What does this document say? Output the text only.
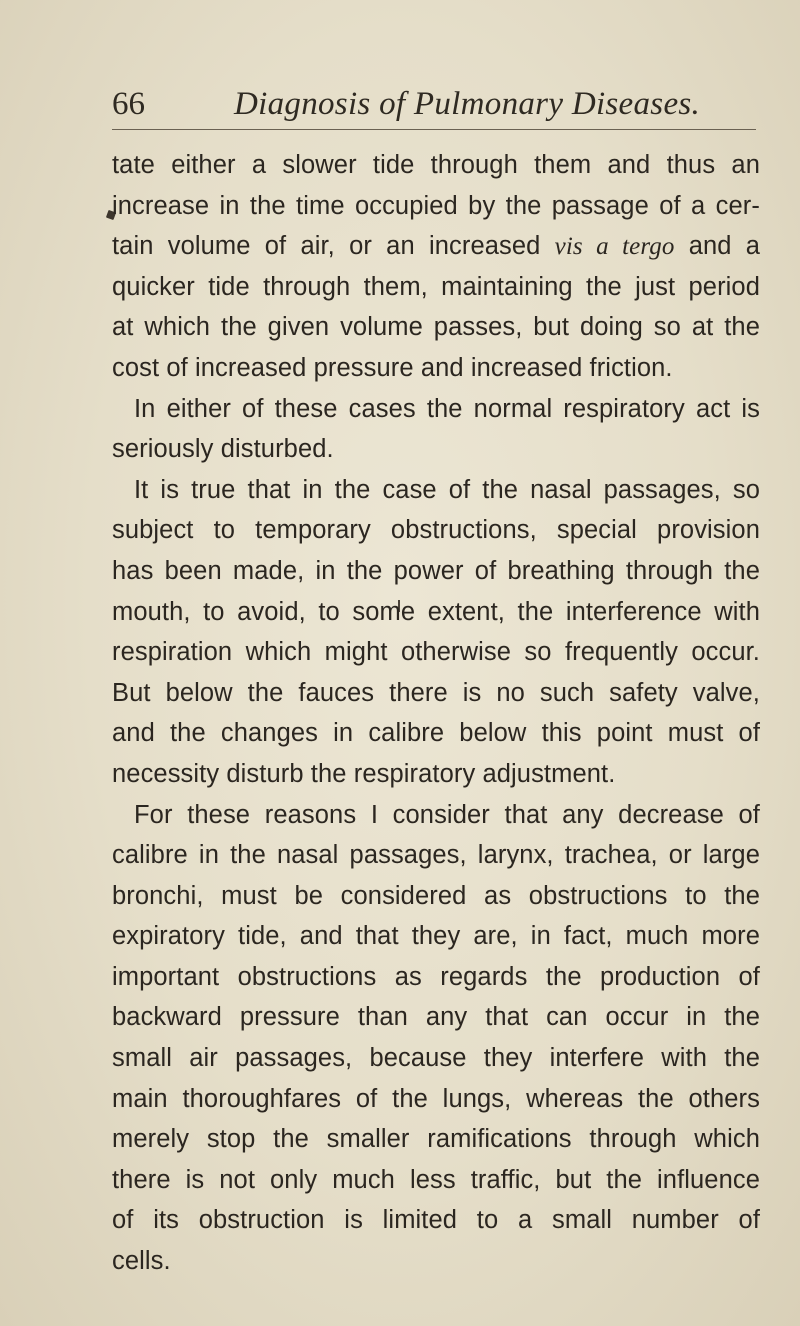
66	Diagnosis of Pulmonary Diseases.
tate either a slower tide through them and thus an
increase in the time occupied by the passage of a cer-
tain volume of air, or an increased vis a tergo and a
quicker tide through them, maintaining the just period
at which the given volume passes, but doing so at the
cost of increased pressure and increased friction.
In either of these cases the normal respiratory act is
seriously disturbed.
It is true that in the case of the nasal passages, so
subject to temporary obstructions, special provision
has been made, in the power of breathing through the
mouth, to avoid, to some extent, the interference with
respiration which might otherwise so frequently occur.
But below the fauces there is no such safety valve,
and the changes in calibre below this point must of
necessity disturb the respiratory adjustment.
For these reasons I consider that any decrease of
calibre in the nasal passages, larynx, trachea, or large
bronchi, must be considered as obstructions to the
expiratory tide, and that they are, in fact, much more
important obstructions as regards the production of
backward pressure than any that can occur in the
small air passages, because they interfere with the
main thoroughfares of the lungs, whereas the others
merely stop the smaller ramifications through which
there is not only much less traffic, but the influence
of its obstruction is limited to a small number of
cells.
